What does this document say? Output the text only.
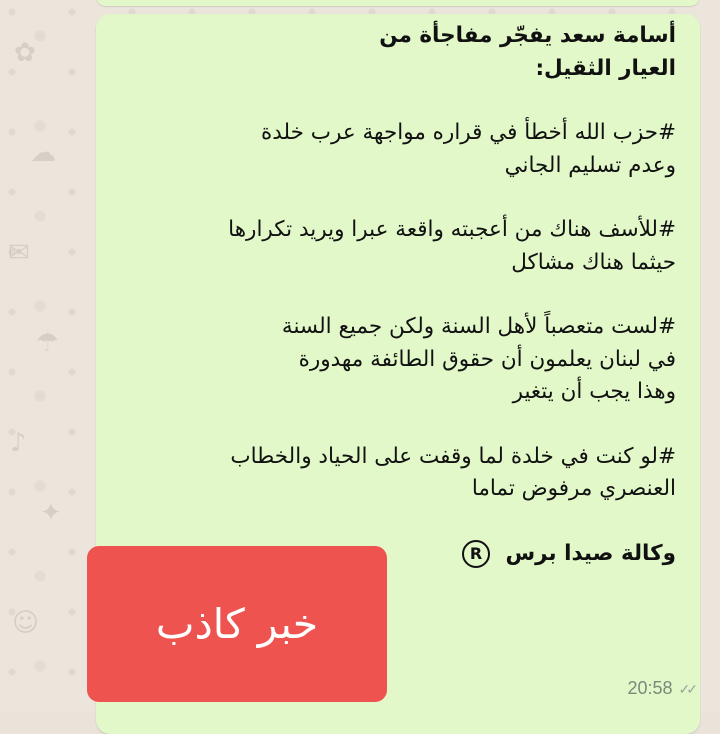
✿
☁
✉
☂
♪
✦
☺
أسامة سعد يفجّر مفاجأة من
العيار الثقيل:

#حزب الله أخطأ في قراره مواجهة عرب خلدة
وعدم تسليم الجاني

#للأسف هناك من أعجبته واقعة عبرا ويريد تكرارها
حيثما هناك مشاكل

#لست متعصباً لأهل السنة ولكن جميع السنة
في لبنان يعلمون أن حقوق الطائفة مهدورة
وهذا يجب أن يتغير

#لو كنت في خلدة لما وقفت على الحياد والخطاب
العنصري مرفوض تماما

وكالة صيدا برس R
20:58 ✓✓
خبر كاذب
